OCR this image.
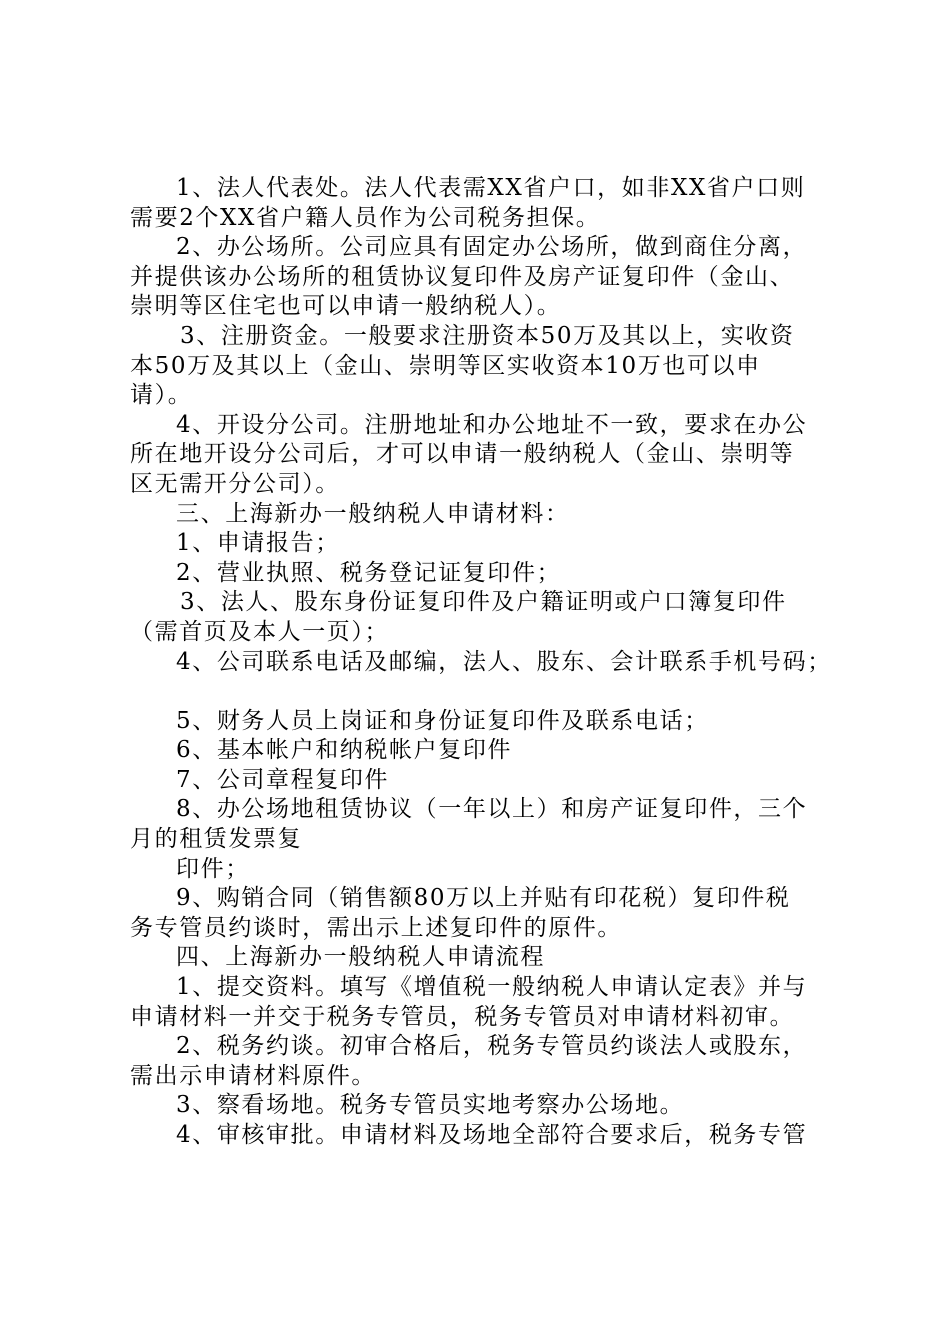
1、法人代表处。法人代表需XX省户口，如非XX省户口则

需要2个XX省户籍人员作为公司税务担保。

2、办公场所。公司应具有固定办公场所，做到商住分离，

并提供该办公场所的租赁协议复印件及房产证复印件（金山、

崇明等区住宅也可以申请一般纳税人）。

3、注册资金。一般要求注册资本50万及其以上，实收资

本50万及其以上（金山、崇明等区实收资本10万也可以申

请）。

4、开设分公司。注册地址和办公地址不一致，要求在办公

所在地开设分公司后，才可以申请一般纳税人（金山、崇明等

区无需开分公司）。

三、上海新办一般纳税人申请材料：

1、申请报告；

2、营业执照、税务登记证复印件；

3、法人、股东身份证复印件及户籍证明或户口簿复印件

（需首页及本人一页）；

4、公司联系电话及邮编，法人、股东、会计联系手机号码；

5、财务人员上岗证和身份证复印件及联系电话；

6、基本帐户和纳税帐户复印件

7、公司章程复印件

8、办公场地租赁协议（一年以上）和房产证复印件，三个

月的租赁发票复

印件；

9、购销合同（销售额80万以上并贴有印花税）复印件税

务专管员约谈时，需出示上述复印件的原件。

四、上海新办一般纳税人申请流程

1、提交资料。填写《增值税一般纳税人申请认定表》并与

申请材料一并交于税务专管员，税务专管员对申请材料初审。

2、税务约谈。初审合格后，税务专管员约谈法人或股东，

需出示申请材料原件。

3、察看场地。税务专管员实地考察办公场地。

4、审核审批。申请材料及场地全部符合要求后，税务专管
